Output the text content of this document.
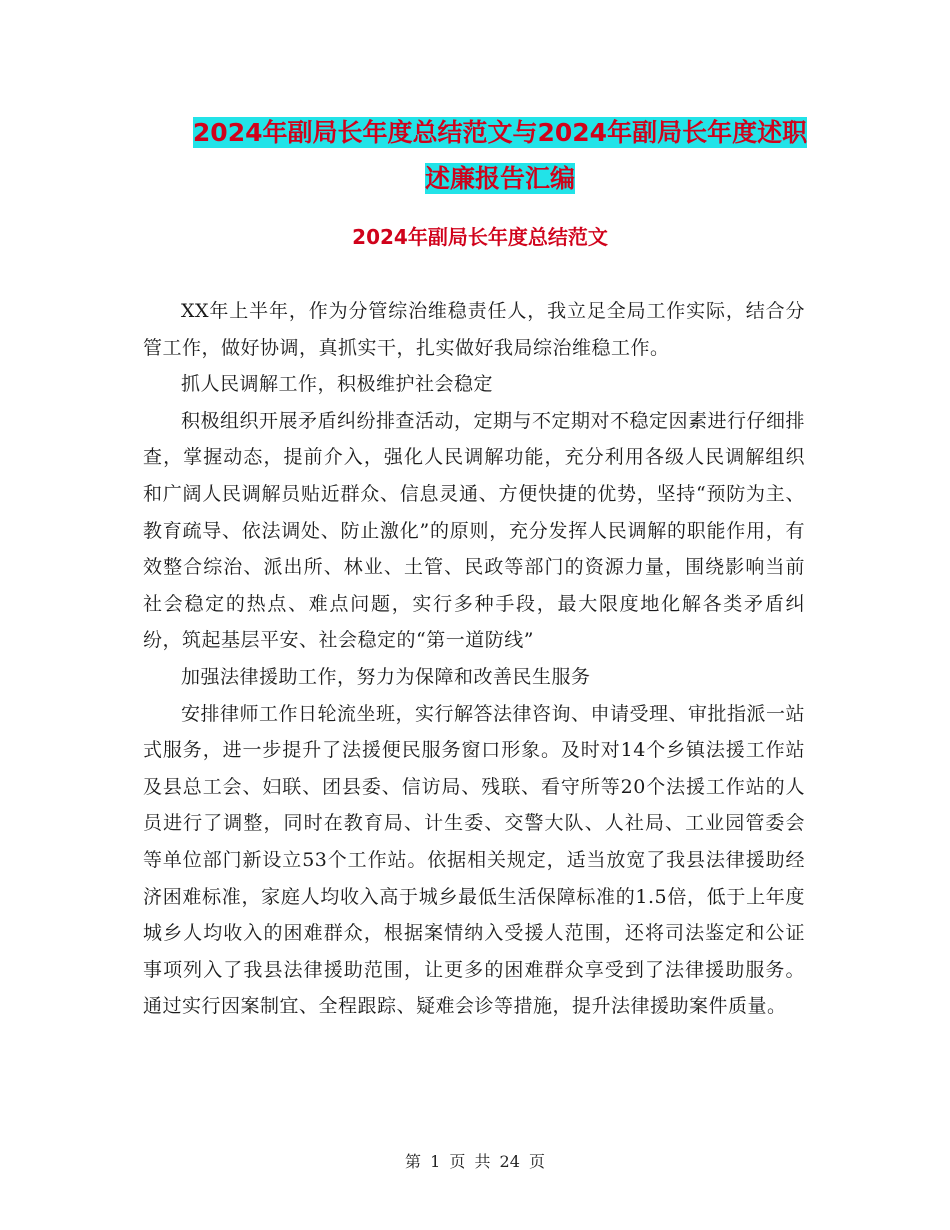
2024年副局长年度总结范文与2024年副局长年度述职
述廉报告汇编
2024年副局长年度总结范文

XX年上半年，作为分管综治维稳责任人，我立足全局工作实际，结合分管工作，做好协调，真抓实干，扎实做好我局综治维稳工作。

抓人民调解工作，积极维护社会稳定

积极组织开展矛盾纠纷排查活动，定期与不定期对不稳定因素进行仔细排查，掌握动态，提前介入，强化人民调解功能，充分利用各级人民调解组织和广阔人民调解员贴近群众、信息灵通、方便快捷的优势，坚持“预防为主、教育疏导、依法调处、防止激化”的原则，充分发挥人民调解的职能作用，有效整合综治、派出所、林业、土管、民政等部门的资源力量，围绕影响当前社会稳定的热点、难点问题，实行多种手段，最大限度地化解各类矛盾纠纷，筑起基层平安、社会稳定的“第一道防线”

加强法律援助工作，努力为保障和改善民生服务

安排律师工作日轮流坐班，实行解答法律咨询、申请受理、审批指派一站式服务，进一步提升了法援便民服务窗口形象。及时对14个乡镇法援工作站及县总工会、妇联、团县委、信访局、残联、看守所等20个法援工作站的人员进行了调整，同时在教育局、计生委、交警大队、人社局、工业园管委会等单位部门新设立53个工作站。依据相关规定，适当放宽了我县法律援助经济困难标准，家庭人均收入高于城乡最低生活保障标准的1.5倍，低于上年度城乡人均收入的困难群众，根据案情纳入受援人范围，还将司法鉴定和公证事项列入了我县法律援助范围，让更多的困难群众享受到了法律援助服务。通过实行因案制宜、全程跟踪、疑难会诊等措施，提升法律援助案件质量。

第 1 页 共 24 页
